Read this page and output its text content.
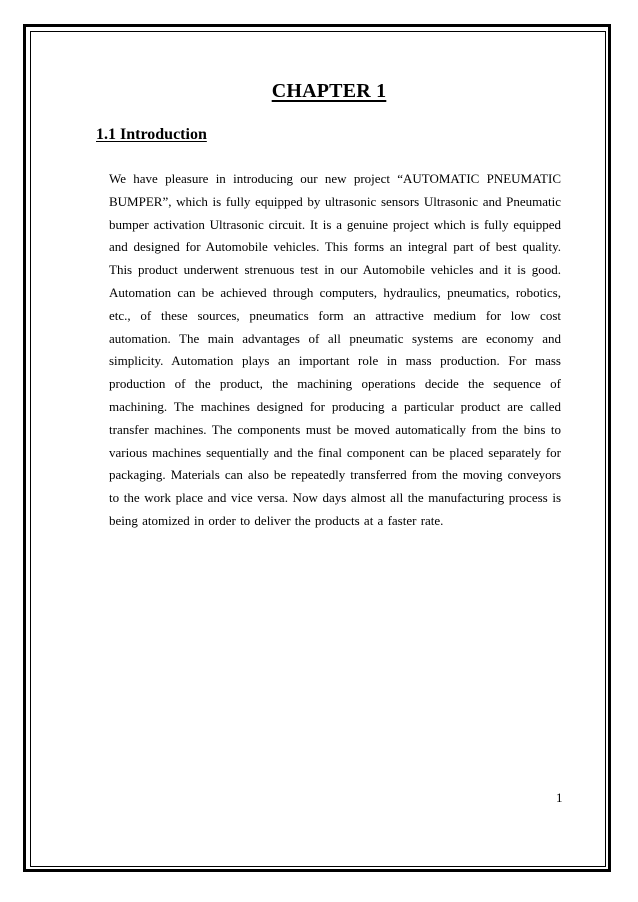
CHAPTER 1
1.1 Introduction

We have pleasure in introducing our new project “AUTOMATIC PNEUMATIC BUMPER”, which is fully equipped by ultrasonic sensors Ultrasonic and Pneumatic bumper activation Ultrasonic circuit. It is a genuine project which is fully equipped and designed for Automobile vehicles. This forms an integral part of best quality. This product underwent strenuous test in our Automobile vehicles and it is good. Automation can be achieved through computers, hydraulics, pneumatics, robotics, etc., of these sources, pneumatics form an attractive medium for low cost automation. The main advantages of all pneumatic systems are economy and simplicity. Automation plays an important role in mass production. For mass production of the product, the machining operations decide the sequence of machining. The machines designed for producing a particular product are called transfer machines. The components must be moved automatically from the bins to various machines sequentially and the final component can be placed separately for packaging. Materials can also be repeatedly transferred from the moving conveyors to the work place and vice versa. Now days almost all the manufacturing process is being atomized in order to deliver the products at a faster rate.

1
